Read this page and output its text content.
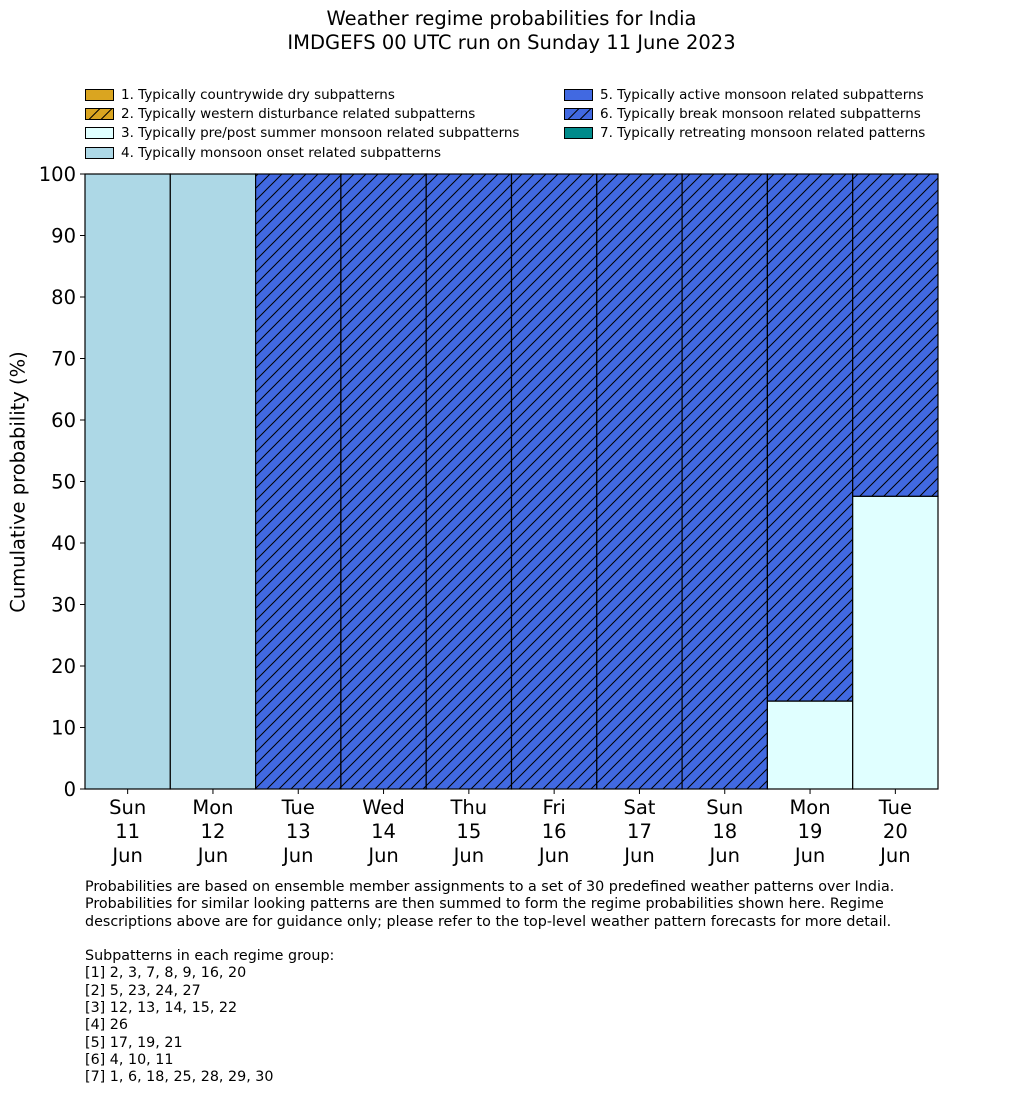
Weather regime probabilities for India
IMDGEFS 00 UTC run on Sunday 11 June 2023
1. Typically countrywide dry subpatterns
2. Typically western disturbance related subpatterns
3. Typically pre/post summer monsoon related subpatterns
4. Typically monsoon onset related subpatterns
5. Typically active monsoon related subpatterns
6. Typically break monsoon related subpatterns
7. Typically retreating monsoon related patterns
0
10
20
30
40
50
60
70
80
90
100
Sun 11 Jun
Mon 12 Jun
Tue 13 Jun
Wed 14 Jun
Thu 15 Jun
Fri 16 Jun
Sat 17 Jun
Sun 18 Jun
Mon 19 Jun
Tue 20 Jun
Cumulative probability (%)
Probabilities are based on ensemble member assignments to a set of 30 predefined weather patterns over India.
Probabilities for similar looking patterns are then summed to form the regime probabilities shown here. Regime
descriptions above are for guidance only; please refer to the top-level weather pattern forecasts for more detail.
Subpatterns in each regime group:
[1] 2, 3, 7, 8, 9, 16, 20
[2] 5, 23, 24, 27
[3] 12, 13, 14, 15, 22
[4] 26
[5] 17, 19, 21
[6] 4, 10, 11
[7] 1, 6, 18, 25, 28, 29, 30
